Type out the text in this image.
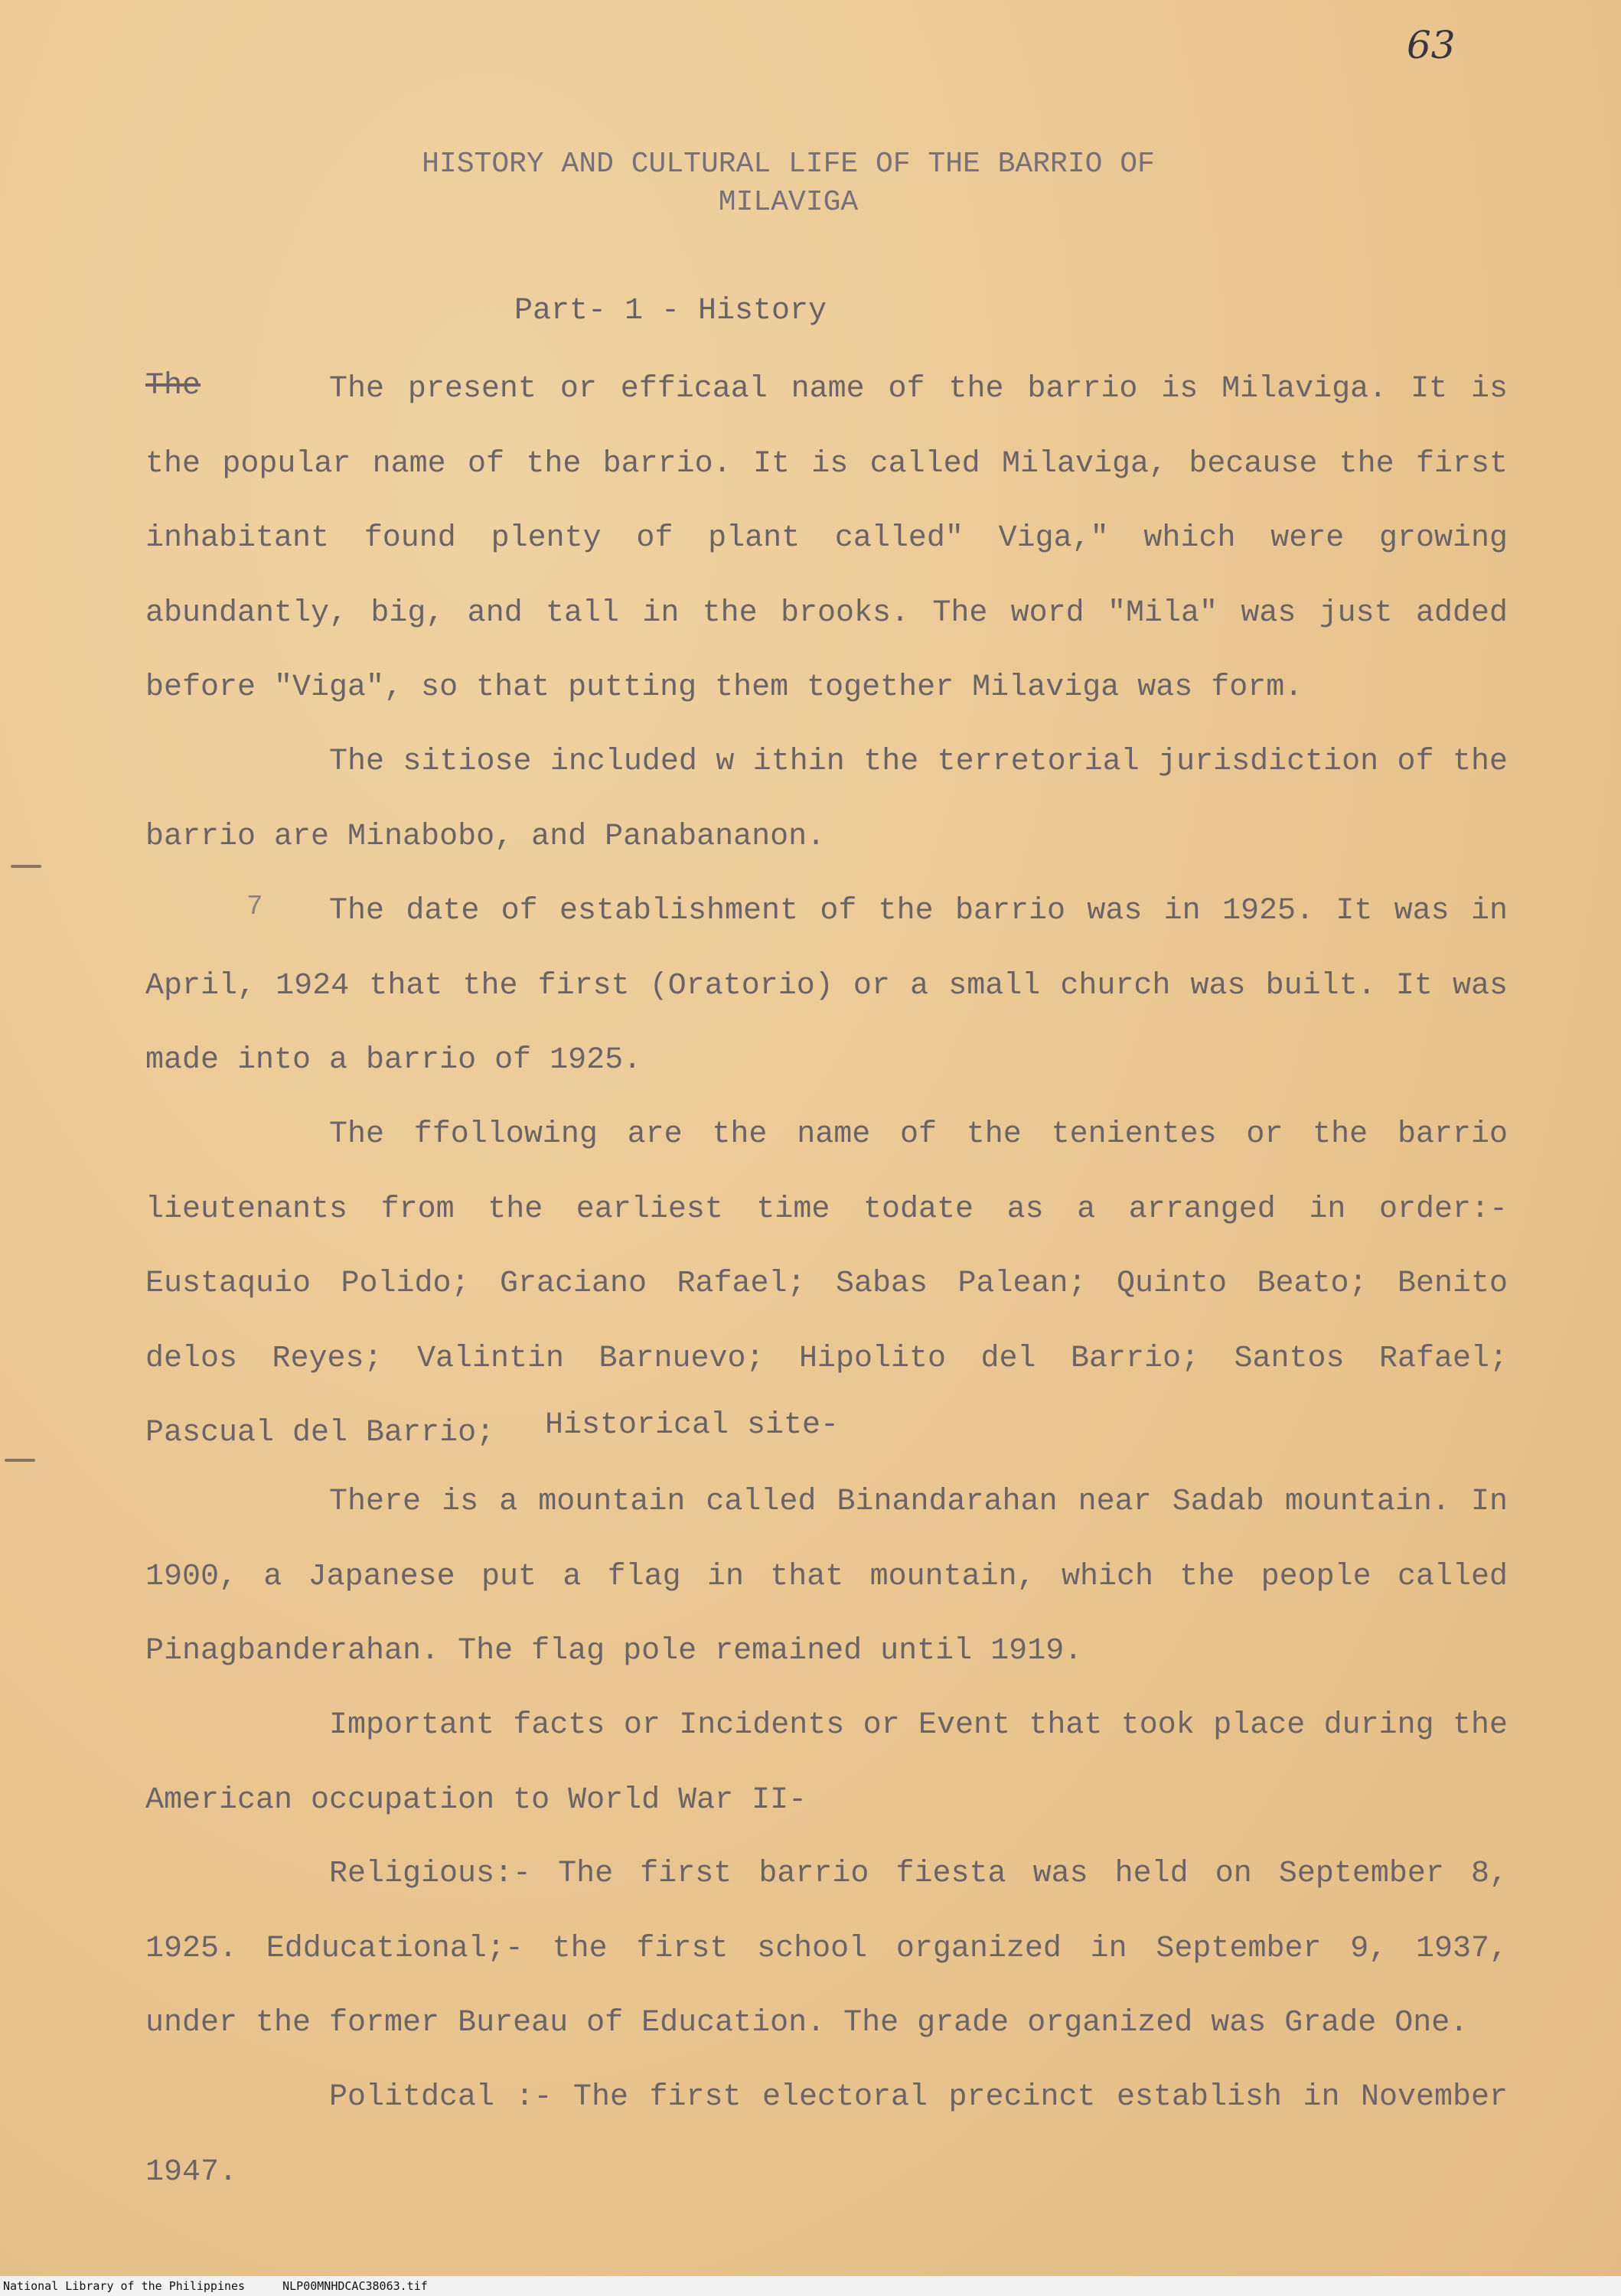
63
HISTORY AND CULTURAL LIFE OF THE BARRIO OF
MILAVIGA
Part- 1 - History
The
7
The present or efficaal name of the barrio is Milaviga. It is the popular name of the barrio. It is called Milaviga, because the first inhabitant found plenty of plant called" Viga," which were growing abundantly, big, and tall in the brooks. The word "Mila" was just added before "Viga", so that putting them together Milaviga was form.
The sitiose included w ithin the terretorial jurisdiction of the barrio are Minabobo, and Panabananon.
The date of establishment of the barrio was in 1925. It was in April, 1924 that the first (Oratorio) or a small church was built. It was made into a barrio of 1925.
The ffollowing are the name of the tenientes or the barrio lieutenants from the earliest time todate as a arranged in order:- Eustaquio Polido; Graciano Rafael; Sabas Palean; Quinto Beato; Benito delos Reyes; Valintin Barnuevo; Hipolito del Barrio; Santos Rafael; Pascual del Barrio;	Historical site-
There is a mountain called Binandarahan near Sadab mountain. In 1900, a Japanese put a flag in that mountain, which the people called Pinagbanderahan. The flag pole remained until 1919.
Important facts or Incidents or Event that took place during the American occupation to World War II-
Religious:- The first barrio fiesta was held on September 8, 1925. Edducational;- the first school organized in September 9, 1937, under the former Bureau of Education. The grade organized was Grade One.
Politdcal :- The first electoral precinct establish in November 1947.
National Library of the Philippines	NLP00MNHDCAC38063.tif
